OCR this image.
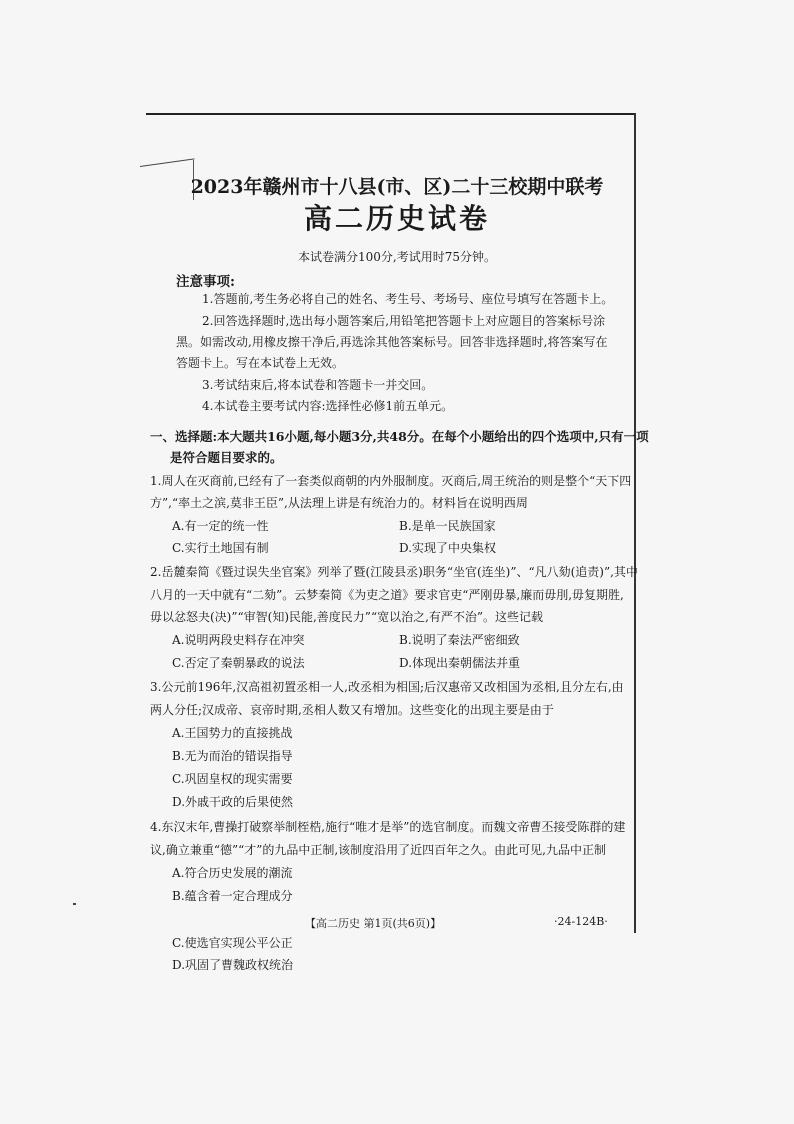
2023年赣州市十八县(市、区)二十三校期中联考
高二历史试卷
本试卷满分100分,考试用时75分钟。
注意事项:
1.答题前,考生务必将自己的姓名、考生号、考场号、座位号填写在答题卡上。
2.回答选择题时,选出每小题答案后,用铅笔把答题卡上对应题目的答案标号涂
黑。如需改动,用橡皮擦干净后,再选涂其他答案标号。回答非选择题时,将答案写在
答题卡上。写在本试卷上无效。
3.考试结束后,将本试卷和答题卡一并交回。
4.本试卷主要考试内容:选择性必修1前五单元。
一、选择题:本大题共16小题,每小题3分,共48分。在每个小题给出的四个选项中,只有一项
是符合题目要求的。
1.周人在灭商前,已经有了一套类似商朝的内外服制度。灭商后,周王统治的则是整个“天下四
方”,“率土之滨,莫非王臣”,从法理上讲是有统治力的。材料旨在说明西周
A.有一定的统一性	B.是单一民族国家
C.实行土地国有制	D.实现了中央集权
2.岳麓秦简《暨过误失坐官案》列举了暨(江陵县丞)职务“坐官(连坐)”、“凡八劾(追责)”,其中
八月的一天中就有“二劾”。云梦秦简《为吏之道》要求官吏“严刚毋暴,廉而毋刖,毋复期胜,
毋以忿怒夬(决)”“审智(知)民能,善度民力”“宽以治之,有严不治”。这些记载
A.说明两段史料存在冲突	B.说明了秦法严密细致
C.否定了秦朝暴政的说法	D.体现出秦朝儒法并重
3.公元前196年,汉高祖初置丞相一人,改丞相为相国;后汉惠帝又改相国为丞相,且分左右,由
两人分任;汉成帝、哀帝时期,丞相人数又有增加。这些变化的出现主要是由于
A.王国势力的直接挑战
B.无为而治的错误指导
C.巩固皇权的现实需要
D.外戚干政的后果使然
4.东汉末年,曹操打破察举制桎梏,施行“唯才是举”的选官制度。而魏文帝曹丕接受陈群的建
议,确立兼重“德”“才”的九品中正制,该制度沿用了近四百年之久。由此可见,九品中正制
A.符合历史发展的潮流
B.蕴含着一定合理成分
【高二历史 第1页(共6页)】	·24-124B·
C.使选官实现公平公正
D.巩固了曹魏政权统治
